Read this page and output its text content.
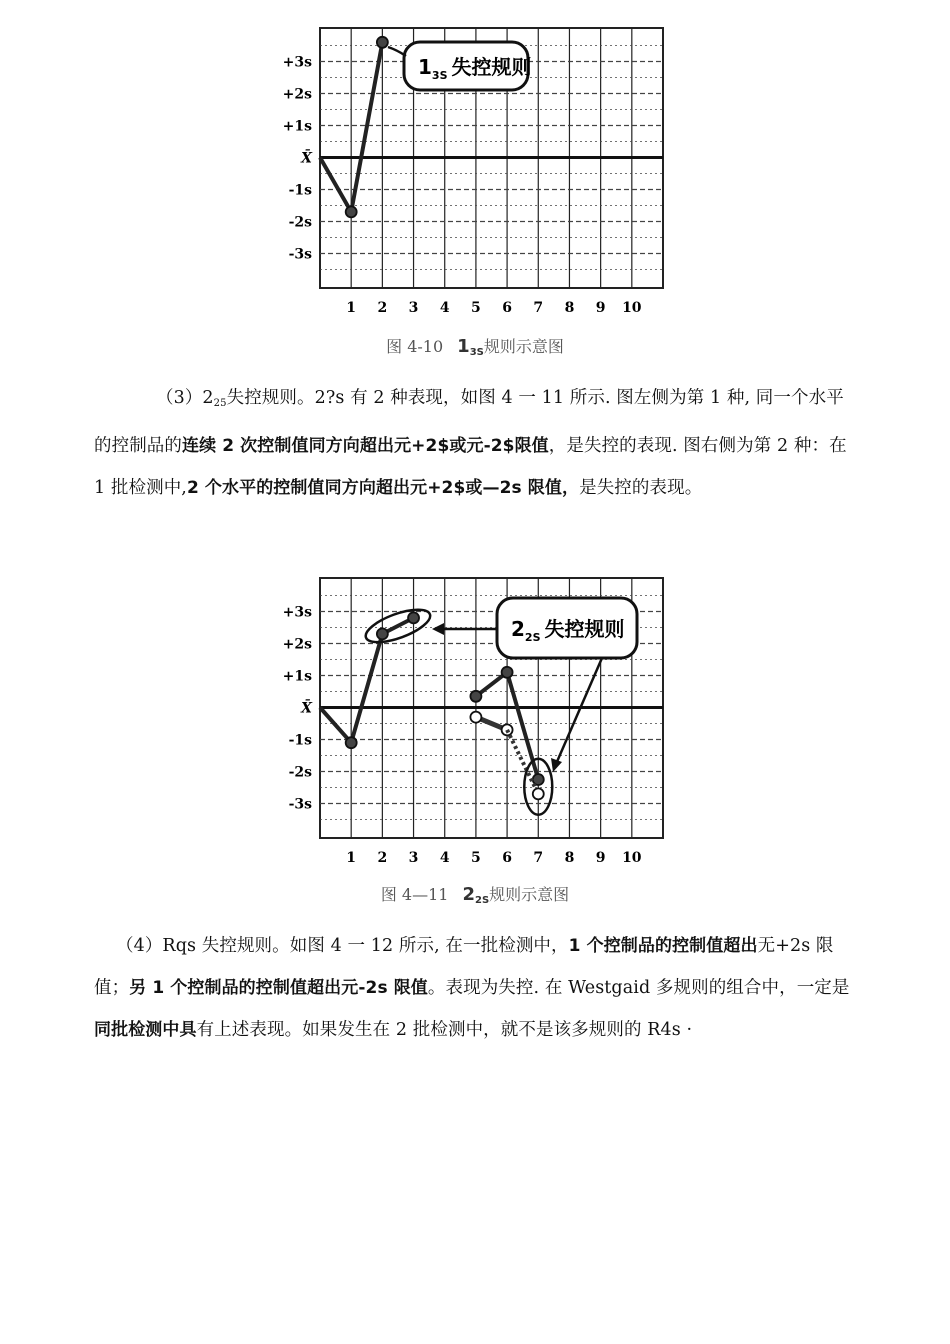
+3s
+2s
+1s
X̄
-1s
-2s
-3s
1 2 3 4 5 6 7 8 9 10
$1_{3S}$ 失控规则
图 4-10 $1_{3S}$规则示意图
$(3)2_{25}$失控规则。2?s 有 2 种表现，如图 4 一 11 所示. 图左侧为第 1 种, 同一个水平的控制品的连续 2 次控制值同方向超出元+2$或元-2$限值，是失控的表现. 图右侧为第 2 种：在 1 批检测中,2 个水平的控制值同方向超出元+2$或—2s 限值，是失控的表现。
+3s
+2s
+1s
X̄
-1s
-2s
-3s
1 2 3 4 5 6 7 8 9 10
$2_{2S}$ 失控规则
图 4—11 $2_{2S}$规则示意图
（4）Rqs 失控规则。如图 4 一 12 所示, 在一批检测中，1 个控制品的控制值超出无+2s 限值；另 1 个控制品的控制值超出元-2s 限值。表现为失控. 在 Westgaid 多规则的组合中，一定是同批检测中具有上述表现。如果发生在 2 批检测中，就不是该多规则的 R4s ·
